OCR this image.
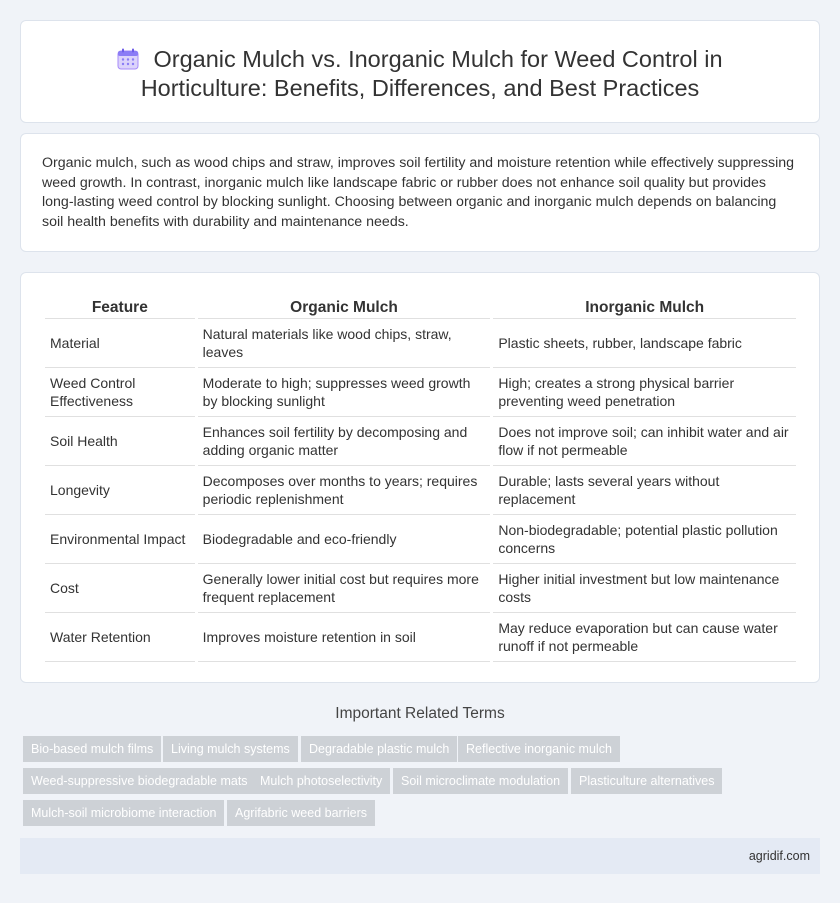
Organic Mulch vs. Inorganic Mulch for Weed Control in Horticulture: Benefits, Differences, and Best Practices

Organic mulch, such as wood chips and straw, improves soil fertility and moisture retention while effectively suppressing weed growth. In contrast, inorganic mulch like landscape fabric or rubber does not enhance soil quality but provides long-lasting weed control by blocking sunlight. Choosing between organic and inorganic mulch depends on balancing soil health benefits with durability and maintenance needs.

Feature	Organic Mulch	Inorganic Mulch
Material	Natural materials like wood chips, straw, leaves	Plastic sheets, rubber, landscape fabric
Weed Control Effectiveness	Moderate to high; suppresses weed growth by blocking sunlight	High; creates a strong physical barrier preventing weed penetration
Soil Health	Enhances soil fertility by decomposing and adding organic matter	Does not improve soil; can inhibit water and air flow if not permeable
Longevity	Decomposes over months to years; requires periodic replenishment	Durable; lasts several years without replacement
Environmental Impact	Biodegradable and eco-friendly	Non-biodegradable; potential plastic pollution concerns
Cost	Generally lower initial cost but requires more frequent replacement	Higher initial investment but low maintenance costs
Water Retention	Improves moisture retention in soil	May reduce evaporation but can cause water runoff if not permeable
Important Related Terms
Bio-based mulch films	Living mulch systems	Degradable plastic mulch	Reflective inorganic mulch
Weed-suppressive biodegradable mats Mulch photoselectivity	Soil microclimate modulation	Plasticulture alternatives
Mulch-soil microbiome interaction	Agrifabric weed barriers
agridif.com
